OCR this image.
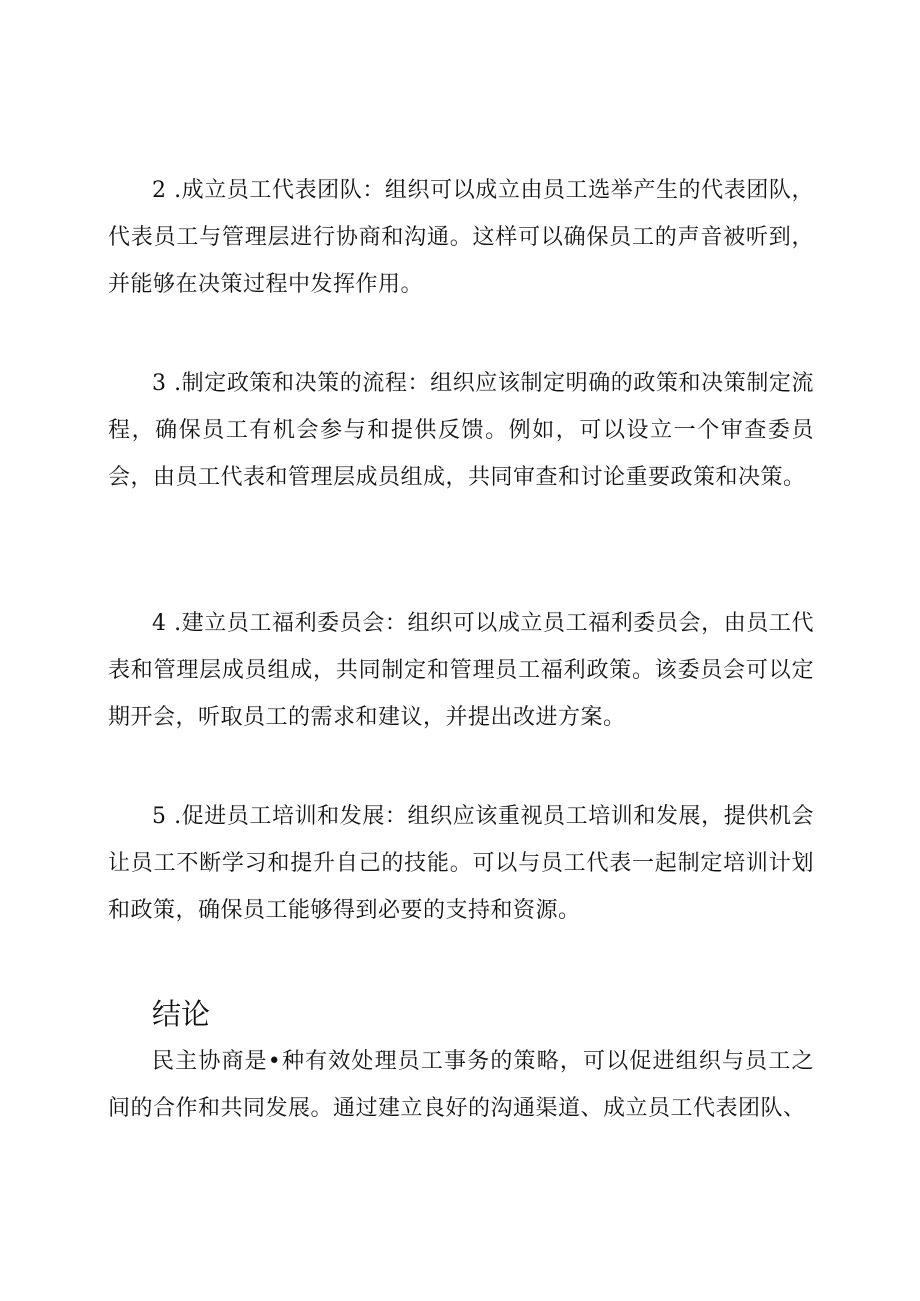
2 .成立员工代表团队：组织可以成立由员工选举产生的代表团队，代表员工与管理层进行协商和沟通。这样可以确保员工的声音被听到，并能够在决策过程中发挥作用。

3 .制定政策和决策的流程：组织应该制定明确的政策和决策制定流程，确保员工有机会参与和提供反馈。例如，可以设立一个审查委员会，由员工代表和管理层成员组成，共同审查和讨论重要政策和决策。

4 .建立员工福利委员会：组织可以成立员工福利委员会，由员工代表和管理层成员组成，共同制定和管理员工福利政策。该委员会可以定期开会，听取员工的需求和建议，并提出改进方案。

5 .促进员工培训和发展：组织应该重视员工培训和发展，提供机会让员工不断学习和提升自己的技能。可以与员工代表一起制定培训计划和政策，确保员工能够得到必要的支持和资源。

结论

民主协商是•种有效处理员工事务的策略，可以促进组织与员工之间的合作和共同发展。通过建立良好的沟通渠道、成立员工代表团队、
